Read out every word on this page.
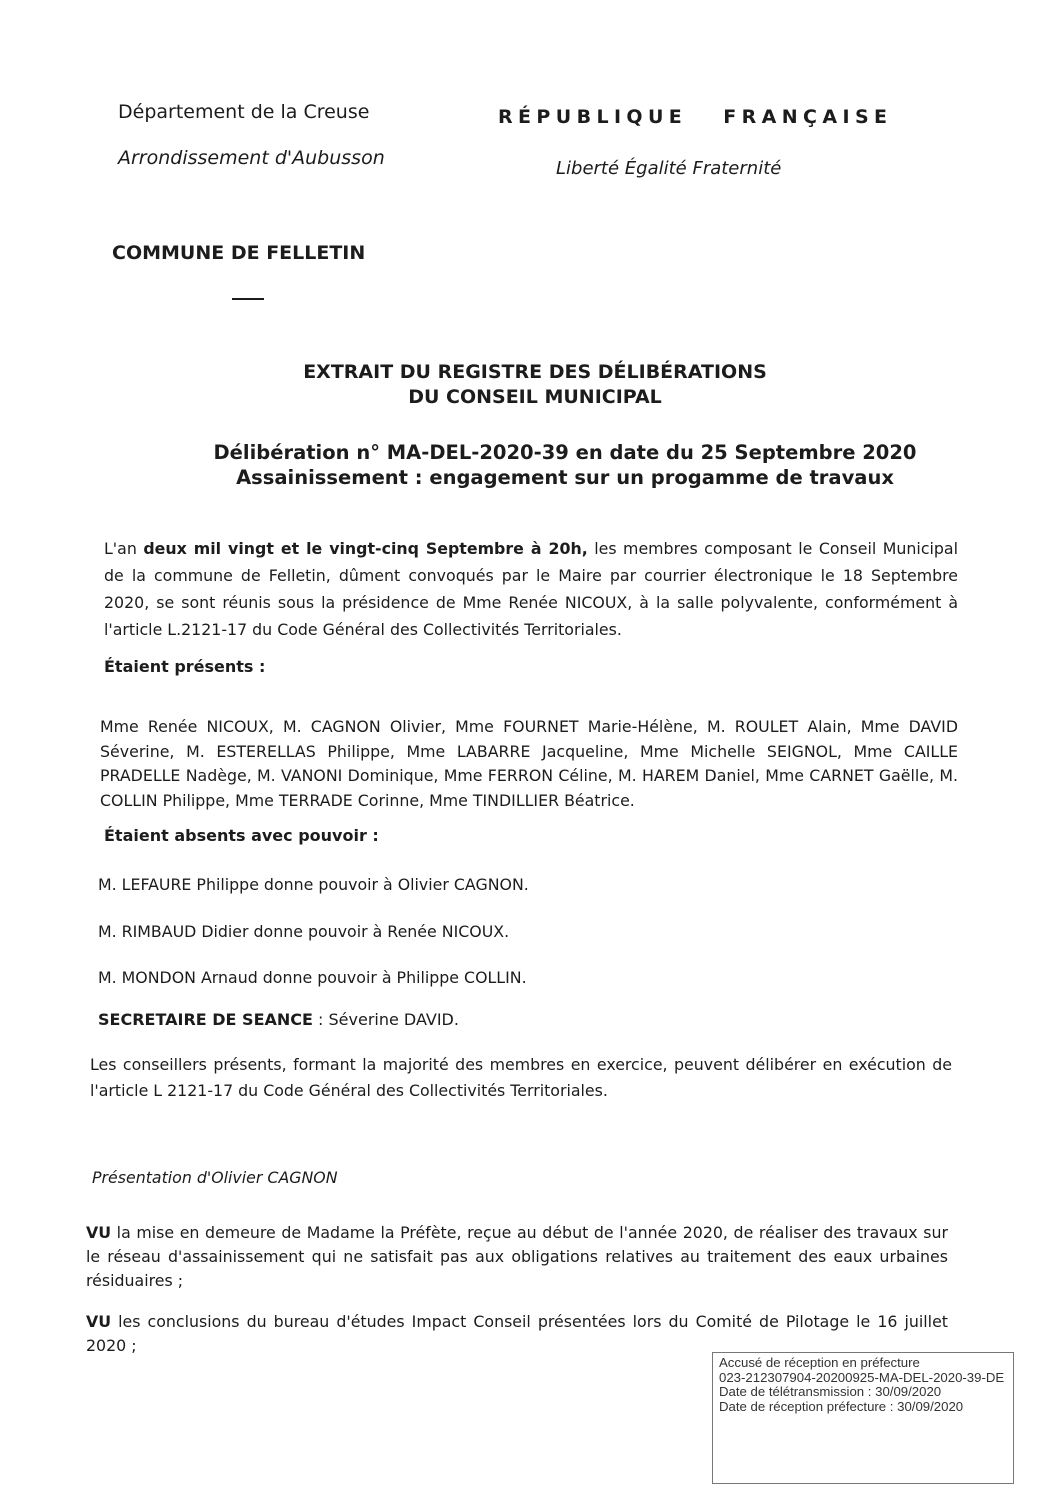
Département de la Creuse

Arrondissement d'Aubusson

RÉPUBLIQUE   FRANÇAISE

Liberté Égalité Fraternité

COMMUNE DE FELLETIN

EXTRAIT DU REGISTRE DES DÉLIBÉRATIONS

DU CONSEIL MUNICIPAL

Délibération n° MA-DEL-2020-39 en date du 25 Septembre 2020

Assainissement : engagement sur un progamme de travaux

L'an deux mil vingt et le vingt-cinq Septembre à 20h, les membres composant le Conseil Municipal de la commune de Felletin, dûment convoqués par le Maire par courrier électronique le 18 Septembre 2020, se sont réunis sous la présidence de Mme Renée NICOUX, à la salle polyvalente, conformément à l'article L.2121-17 du Code Général des Collectivités Territoriales.

Étaient présents :

Mme Renée NICOUX, M. CAGNON Olivier, Mme FOURNET Marie-Hélène, M. ROULET Alain, Mme DAVID Séverine, M. ESTERELLAS Philippe, Mme LABARRE Jacqueline, Mme Michelle SEIGNOL, Mme CAILLE PRADELLE Nadège, M. VANONI Dominique, Mme FERRON Céline, M. HAREM Daniel, Mme CARNET Gaëlle, M. COLLIN Philippe, Mme TERRADE Corinne, Mme TINDILLIER Béatrice.

Étaient absents avec pouvoir :

M. LEFAURE Philippe donne pouvoir à Olivier CAGNON.

M. RIMBAUD Didier donne pouvoir à Renée NICOUX.

M. MONDON Arnaud donne pouvoir à Philippe COLLIN.

SECRETAIRE DE SEANCE : Séverine DAVID.

Les conseillers présents, formant la majorité des membres en exercice, peuvent délibérer en exécution de l'article L 2121-17 du Code Général des Collectivités Territoriales.

Présentation d'Olivier CAGNON

VU la mise en demeure de Madame la Préfète, reçue au début de l'année 2020, de réaliser des travaux sur le réseau d'assainissement qui ne satisfait pas aux obligations relatives au traitement des eaux urbaines résiduaires ;

VU les conclusions du bureau d'études Impact Conseil présentées lors du Comité de Pilotage le 16 juillet 2020 ;

Accusé de réception en préfecture
023-212307904-20200925-MA-DEL-2020-39-DE
Date de télétransmission : 30/09/2020
Date de réception préfecture : 30/09/2020
